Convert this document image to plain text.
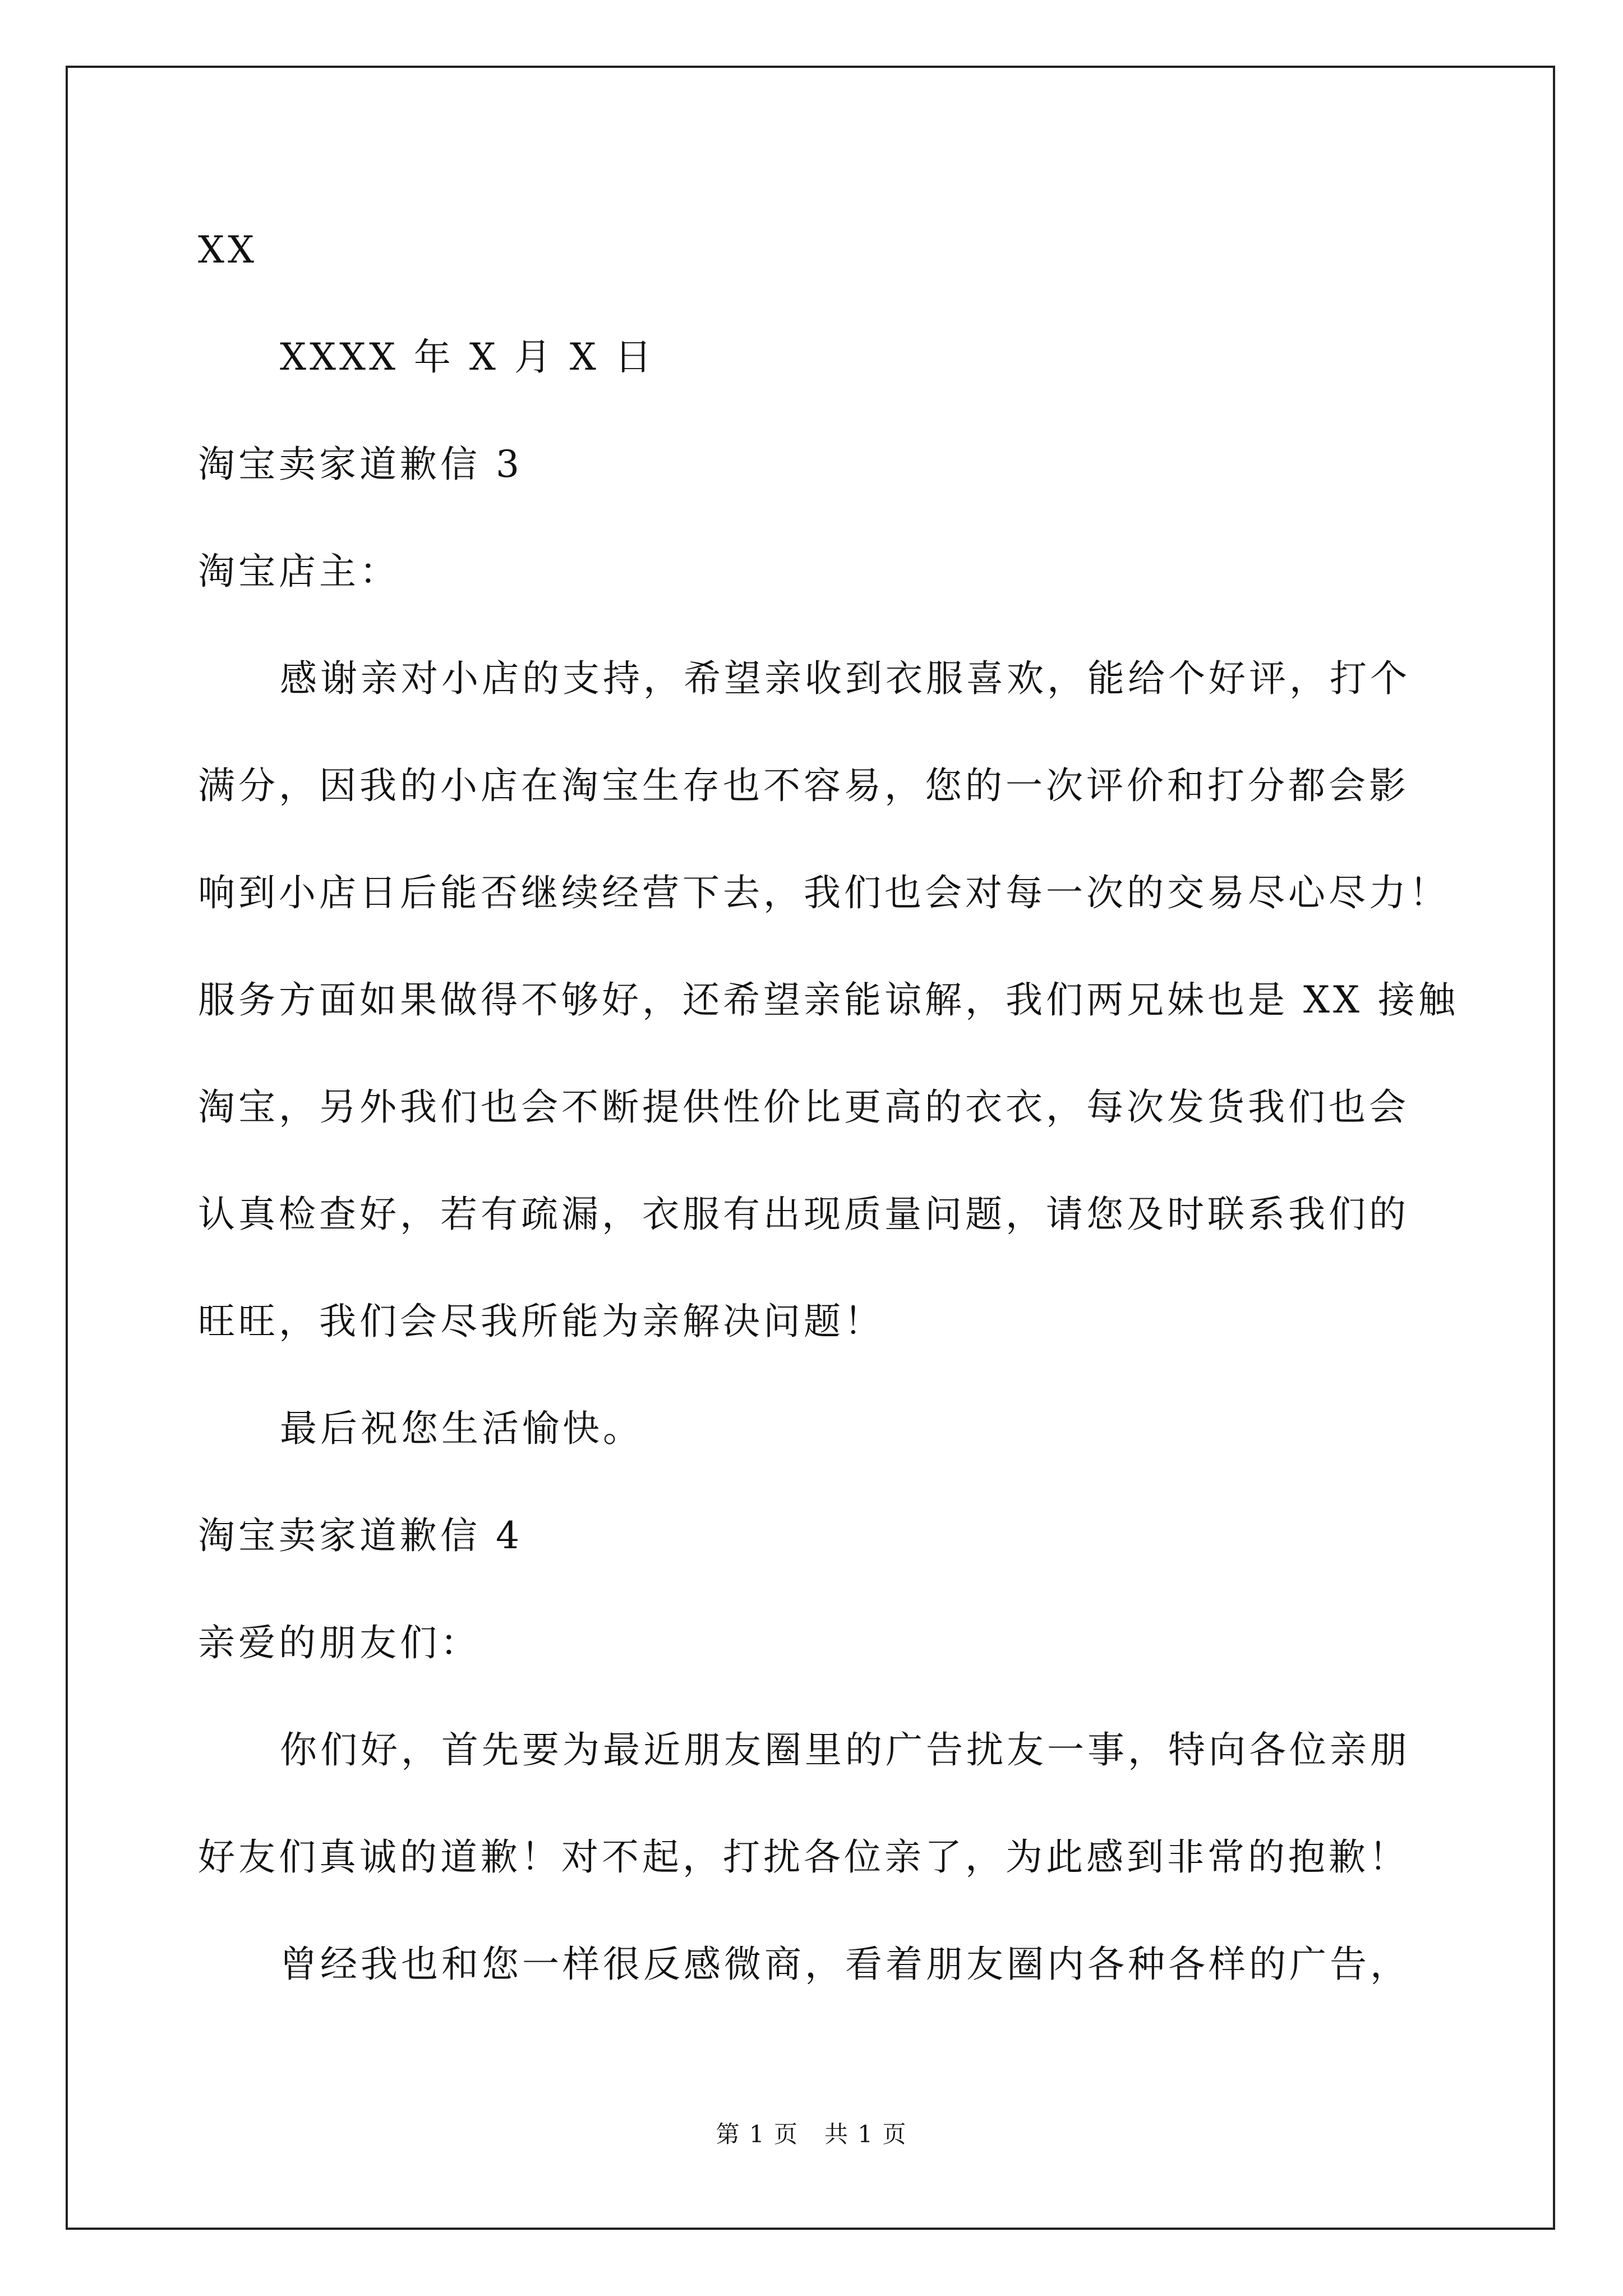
XX

XXXX 年 X 月 X 日

淘宝卖家道歉信 3

淘宝店主：

感谢亲对小店的支持，希望亲收到衣服喜欢，能给个好评，打个

满分，因我的小店在淘宝生存也不容易，您的一次评价和打分都会影

响到小店日后能否继续经营下去，我们也会对每一次的交易尽心尽力！

服务方面如果做得不够好，还希望亲能谅解，我们两兄妹也是 XX 接触

淘宝，另外我们也会不断提供性价比更高的衣衣，每次发货我们也会

认真检查好，若有疏漏，衣服有出现质量问题，请您及时联系我们的

旺旺，我们会尽我所能为亲解决问题！

最后祝您生活愉快。

淘宝卖家道歉信 4

亲爱的朋友们：

你们好，首先要为最近朋友圈里的广告扰友一事，特向各位亲朋

好友们真诚的道歉！对不起，打扰各位亲了，为此感到非常的抱歉！

曾经我也和您一样很反感微商，看着朋友圈内各种各样的广告，

第 1 页   共 1 页
